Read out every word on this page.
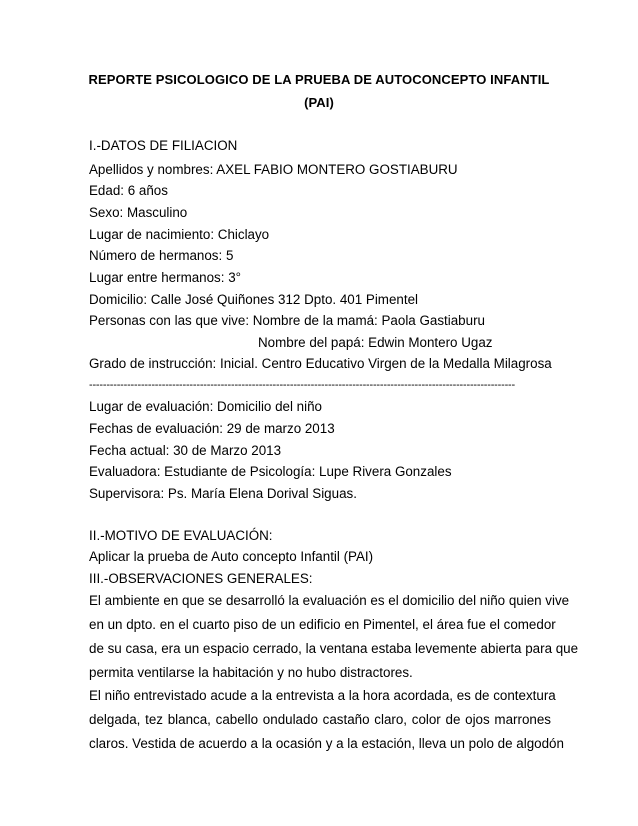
REPORTE PSICOLOGICO DE LA PRUEBA DE AUTOCONCEPTO INFANTIL
(PAI)
I.-DATOS DE FILIACION
Apellidos y nombres: AXEL FABIO MONTERO GOSTIABURU
Edad: 6 años
Sexo: Masculino
Lugar de nacimiento: Chiclayo
Número de hermanos: 5
Lugar entre hermanos: 3°
Domicilio: Calle José Quiñones 312 Dpto. 401 Pimentel
Personas con las que vive: Nombre de la mamá: Paola Gastiaburu
Nombre del papá: Edwin Montero Ugaz
Grado de instrucción: Inicial. Centro Educativo Virgen de la Medalla Milagrosa
---------------------------------------------------------------------------------------------------------------------------
Lugar de evaluación: Domicilio del niño
Fechas de evaluación: 29 de marzo 2013
Fecha actual: 30 de Marzo 2013
Evaluadora: Estudiante de Psicología: Lupe Rivera Gonzales
Supervisora: Ps. María Elena Dorival Siguas.
II.-MOTIVO DE EVALUACIÓN:
Aplicar la prueba de Auto concepto Infantil (PAI)
III.-OBSERVACIONES GENERALES:
El ambiente en que se desarrolló la evaluación es el domicilio del niño quien vive
en un dpto. en el cuarto piso de un edificio en Pimentel, el área fue el comedor
de su casa, era un espacio cerrado, la ventana estaba levemente abierta para que
permita ventilarse la habitación y no hubo distractores.
El niño entrevistado acude a la entrevista a la hora acordada, es de contextura
delgada, tez blanca, cabello ondulado castaño claro, color de ojos marrones
claros. Vestida de acuerdo a la ocasión y a la estación, lleva un polo de algodón
